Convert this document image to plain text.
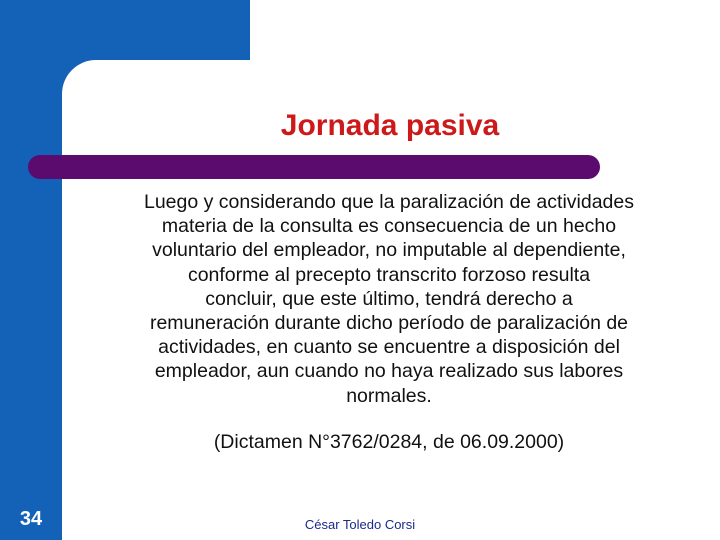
Jornada pasiva
Luego y considerando que la paralización de actividades
materia de la consulta es consecuencia de un hecho
voluntario del empleador, no imputable al dependiente,
conforme al precepto transcrito forzoso resulta
concluir, que este último, tendrá derecho a
remuneración durante dicho período de paralización de
actividades, en cuanto se encuentre a disposición del
empleador, aun cuando no haya realizado sus labores
normales.
(Dictamen N°3762/0284, de 06.09.2000)
34	César Toledo Corsi
